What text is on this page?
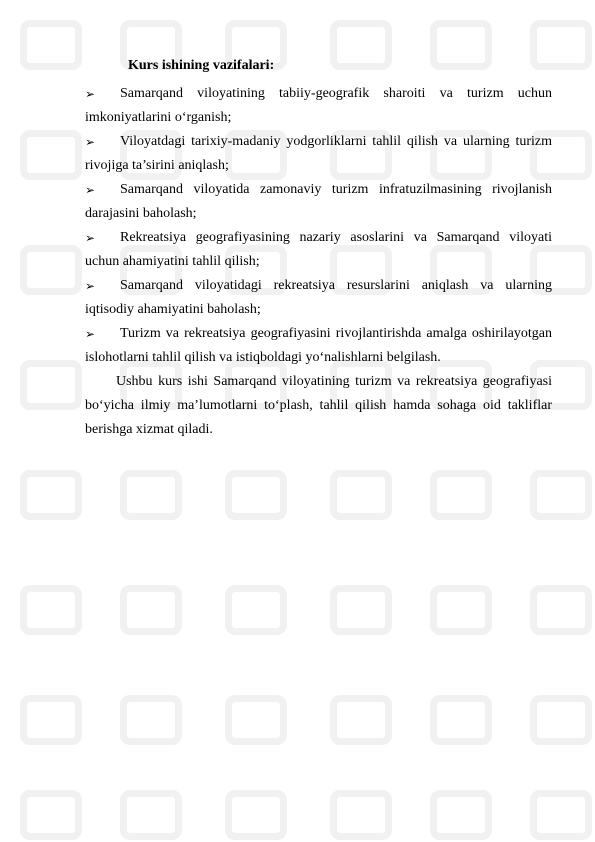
Kurs ishining vazifalari:

➢	Samarqand viloyatining tabiiy-geografik sharoiti va turizm uchun
imkoniyatlarini o‘rganish;
➢	Viloyatdagi tarixiy-madaniy yodgorliklarni tahlil qilish va ularning turizm
rivojiga ta’sirini aniqlash;
➢	Samarqand viloyatida zamonaviy turizm infratuzilmasining rivojlanish
darajasini baholash;
➢	Rekreatsiya geografiyasining nazariy asoslarini va Samarqand viloyati
uchun ahamiyatini tahlil qilish;
➢	Samarqand viloyatidagi rekreatsiya resurslarini aniqlash va ularning
iqtisodiy ahamiyatini baholash;
➢	Turizm va rekreatsiya geografiyasini rivojlantirishda amalga oshirilayotgan
islohotlarni tahlil qilish va istiqboldagi yo‘nalishlarni belgilash.

Ushbu kurs ishi Samarqand viloyatining turizm va rekreatsiya geografiyasi bo‘yicha ilmiy ma’lumotlarni to‘plash, tahlil qilish hamda sohaga oid takliflar berishga xizmat qiladi.
